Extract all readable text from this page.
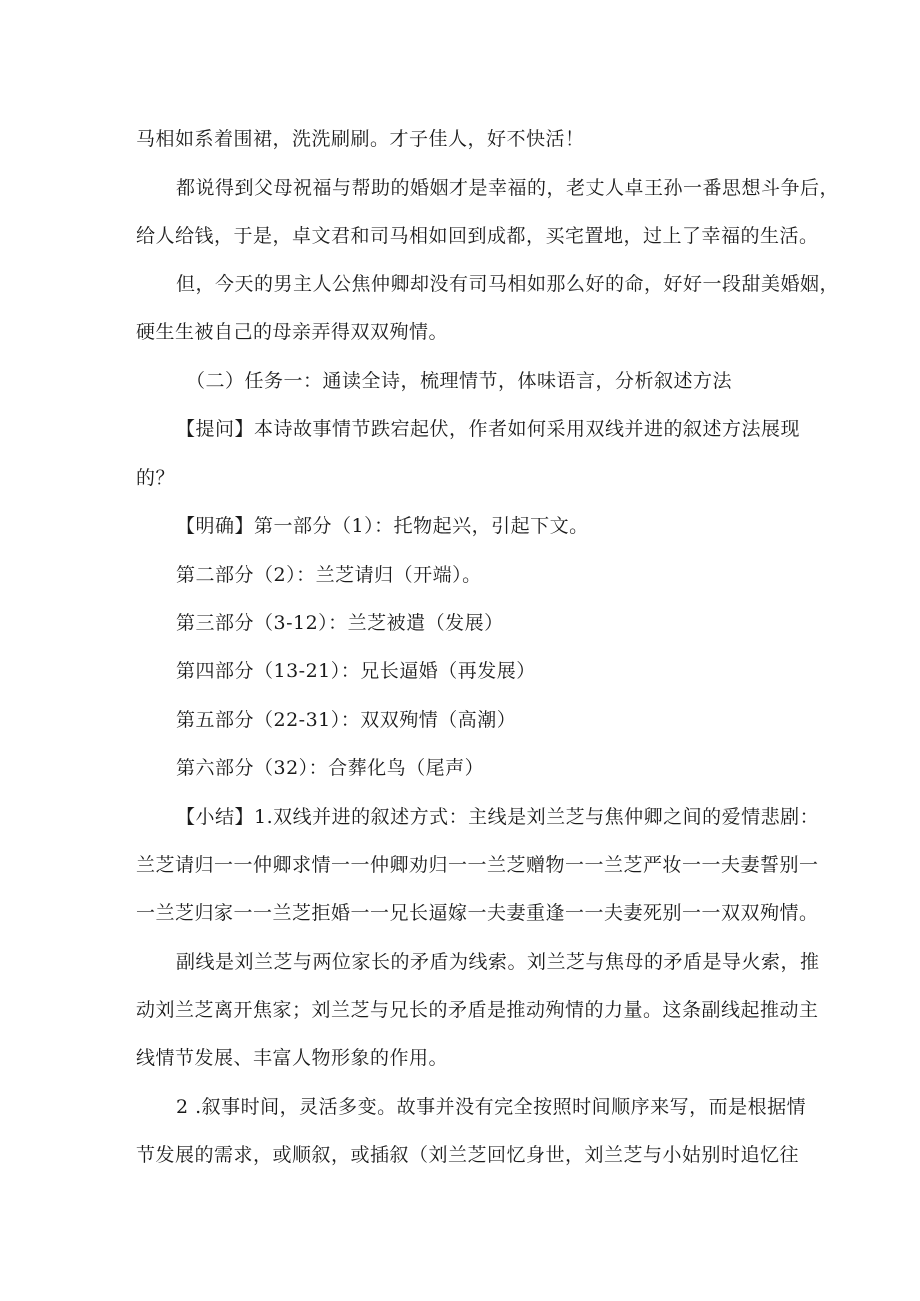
马相如系着围裙，洗洗刷刷。才子佳人，好不快活！

都说得到父母祝福与帮助的婚姻才是幸福的，老丈人卓王孙一番思想斗争后，

给人给钱，于是，卓文君和司马相如回到成都，买宅置地，过上了幸福的生活。

但，今天的男主人公焦仲卿却没有司马相如那么好的命，好好一段甜美婚姻，

硬生生被自己的母亲弄得双双殉情。

（二）任务一：通读全诗，梳理情节，体味语言，分析叙述方法

【提问】本诗故事情节跌宕起伏，作者如何采用双线并进的叙述方法展现

的？

【明确】第一部分（1）：托物起兴，引起下文。

第二部分（2）：兰芝请归（开端）。

第三部分（3-12）：兰芝被遣（发展）

第四部分（13-21）：兄长逼婚（再发展）

第五部分（22-31）：双双殉情（高潮）

第六部分（32）：合葬化鸟（尾声）

【小结】1.双线并进的叙述方式：主线是刘兰芝与焦仲卿之间的爱情悲剧：

兰芝请归一一仲卿求情一一仲卿劝归一一兰芝赠物一一兰芝严妆一一夫妻誓别一

一兰芝归家一一兰芝拒婚一一兄长逼嫁一夫妻重逢一一夫妻死别一一双双殉情。

副线是刘兰芝与两位家长的矛盾为线索。刘兰芝与焦母的矛盾是导火索，推

动刘兰芝离开焦家；刘兰芝与兄长的矛盾是推动殉情的力量。这条副线起推动主

线情节发展、丰富人物形象的作用。

2 .叙事时间，灵活多变。故事并没有完全按照时间顺序来写，而是根据情

节发展的需求，或顺叙，或插叙（刘兰芝回忆身世，刘兰芝与小姑别时追忆往
